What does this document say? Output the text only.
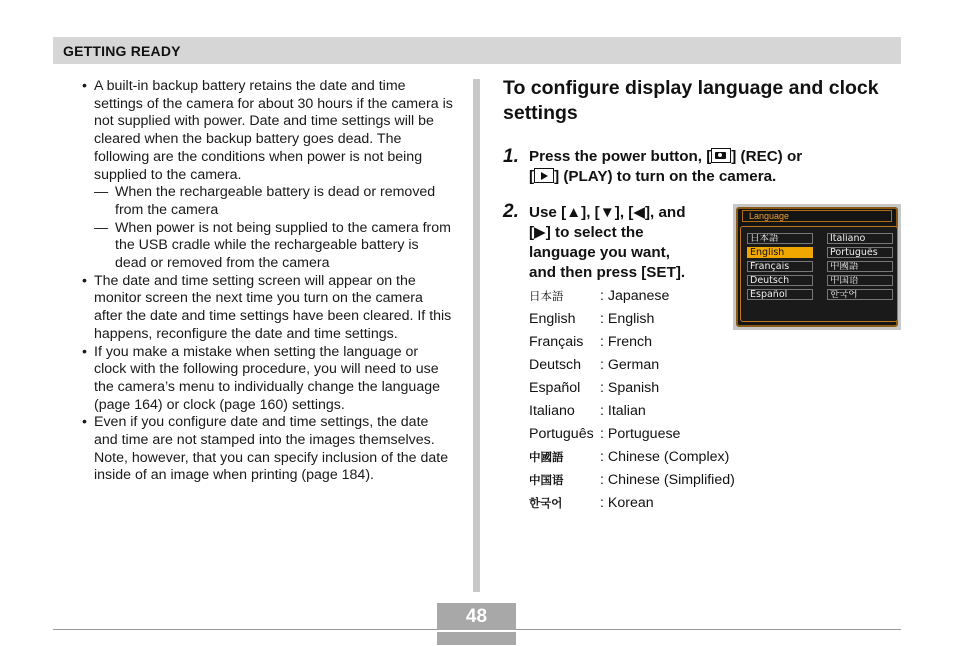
GETTING READY
• A built-in backup battery retains the date and time settings of the camera for about 30 hours if the camera is not supplied with power. Date and time settings will be cleared when the backup battery goes dead. The following are the conditions when power is not being supplied to the camera.
— When the rechargeable battery is dead or removed from the camera
— When power is not being supplied to the camera from the USB cradle while the rechargeable battery is dead or removed from the camera
• The date and time setting screen will appear on the monitor screen the next time you turn on the camera after the date and time settings have been cleared. If this happens, reconfigure the date and time settings.
• If you make a mistake when setting the language or clock with the following procedure, you will need to use the camera’s menu to individually change the language (page 164) or clock (page 160) settings.
• Even if you configure date and time settings, the date and time are not stamped into the images themselves. Note, however, that you can specify inclusion of the date inside of an image when printing (page 184).
To configure display language and clock settings
1. Press the power button, [ ] (REC) or
[ ] (PLAY) to turn on the camera.
2. Use [▲], [▼], [◀], and
[▶] to select the
language you want,
and then press [SET].
日本語	: Japanese
English : English
Français : French
Deutsch : German
Español : Spanish
Italiano : Italian
Português : Portuguese
中國語	: Chinese (Complex)
中国语	: Chinese (Simplified)
한국어	: Korean
Language
日本語
English
Français
Deutsch
Español
Italiano
Português
中國語
中国语
한국어
48
